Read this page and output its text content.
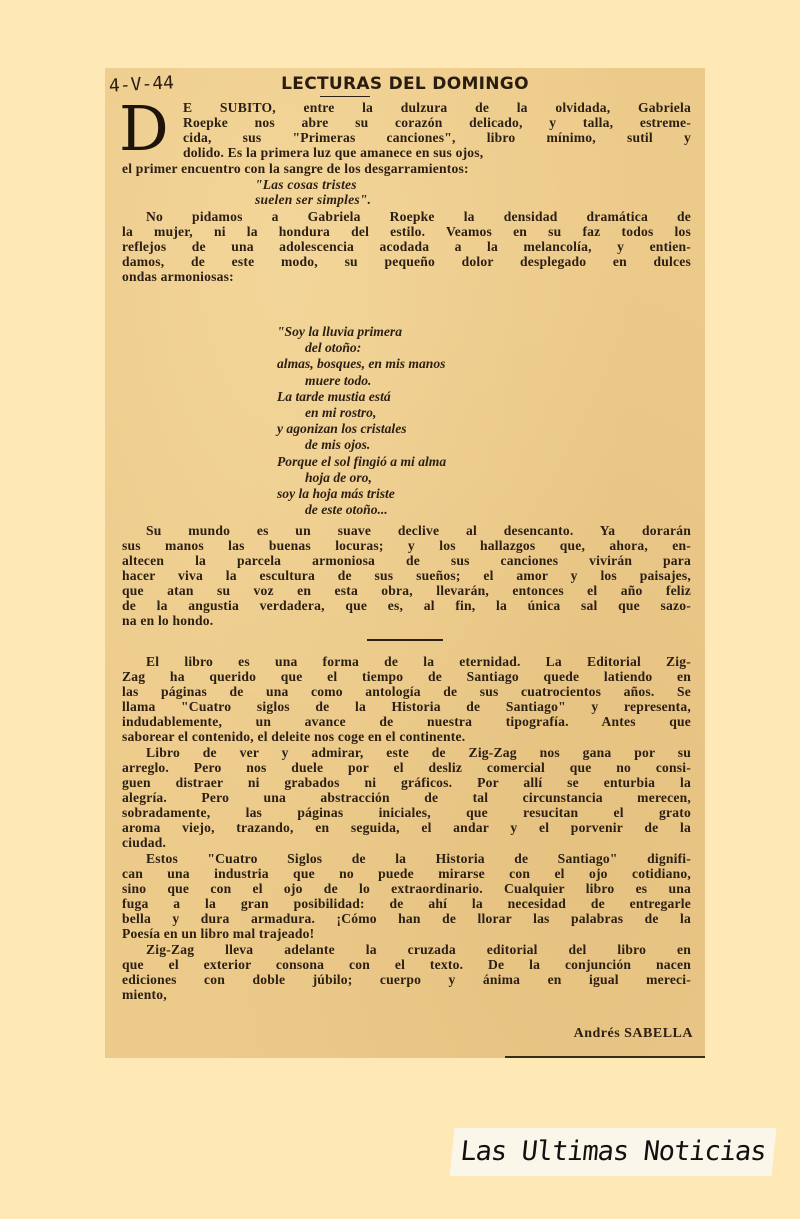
LECTURAS DEL DOMINGO
4-V-44
D E SUBITO, entre la dulzura de la olvidada, Gabriela
Roepke nos abre su corazón delicado, y talla, estreme-
cida, sus "Primeras canciones", libro mínimo, sutil y
dolido. Es la primera luz que amanece en sus ojos,
el primer encuentro con la sangre de los desgarramientos:
"Las cosas tristes
suelen ser simples".
No pidamos a Gabriela Roepke la densidad dramática de
la mujer, ni la hondura del estilo. Veamos en su faz todos los
reflejos de una adolescencia acodada a la melancolía, y entien-
damos, de este modo, su pequeño dolor desplegado en dulces
ondas armoniosas:
"Soy la lluvia primera
del otoño:
almas, bosques, en mis manos
muere todo.
La tarde mustia está
en mi rostro,
y agonizan los cristales
de mis ojos.
Porque el sol fingió a mi alma
hoja de oro,
soy la hoja más triste
de este otoño...
Su mundo es un suave declive al desencanto. Ya dorarán
sus manos las buenas locuras; y los hallazgos que, ahora, en-
altecen la parcela armoniosa de sus canciones vivirán para
hacer viva la escultura de sus sueños; el amor y los paisajes,
que atan su voz en esta obra, llevarán, entonces el año feliz
de la angustia verdadera, que es, al fin, la única sal que sazo-
na en lo hondo.
El libro es una forma de la eternidad. La Editorial Zig-
Zag ha querido que el tiempo de Santiago quede latiendo en
las páginas de una como antología de sus cuatrocientos años. Se
llama "Cuatro siglos de la Historia de Santiago" y representa,
indudablemente, un avance de nuestra tipografía. Antes que
saborear el contenido, el deleite nos coge en el continente.
Libro de ver y admirar, este de Zig-Zag nos gana por su
arreglo. Pero nos duele por el desliz comercial que no consi-
guen distraer ni grabados ni gráficos. Por allí se enturbia la
alegría. Pero una abstracción de tal circunstancia merecen,
sobradamente, las páginas iniciales, que resucitan el grato
aroma viejo, trazando, en seguida, el andar y el porvenir de la
ciudad.
Estos "Cuatro Siglos de la Historia de Santiago" dignifi-
can una industria que no puede mirarse con el ojo cotidiano,
sino que con el ojo de lo extraordinario. Cualquier libro es una
fuga a la gran posibilidad: de ahí la necesidad de entregarle
bella y dura armadura. ¡Cómo han de llorar las palabras de la
Poesía en un libro mal trajeado!
Zig-Zag lleva adelante la cruzada editorial del libro en
que el exterior consona con el texto. De la conjunción nacen
ediciones con doble júbilo; cuerpo y ánima en igual mereci-
miento,
Andrés SABELLA
Las Ultimas Noticias
